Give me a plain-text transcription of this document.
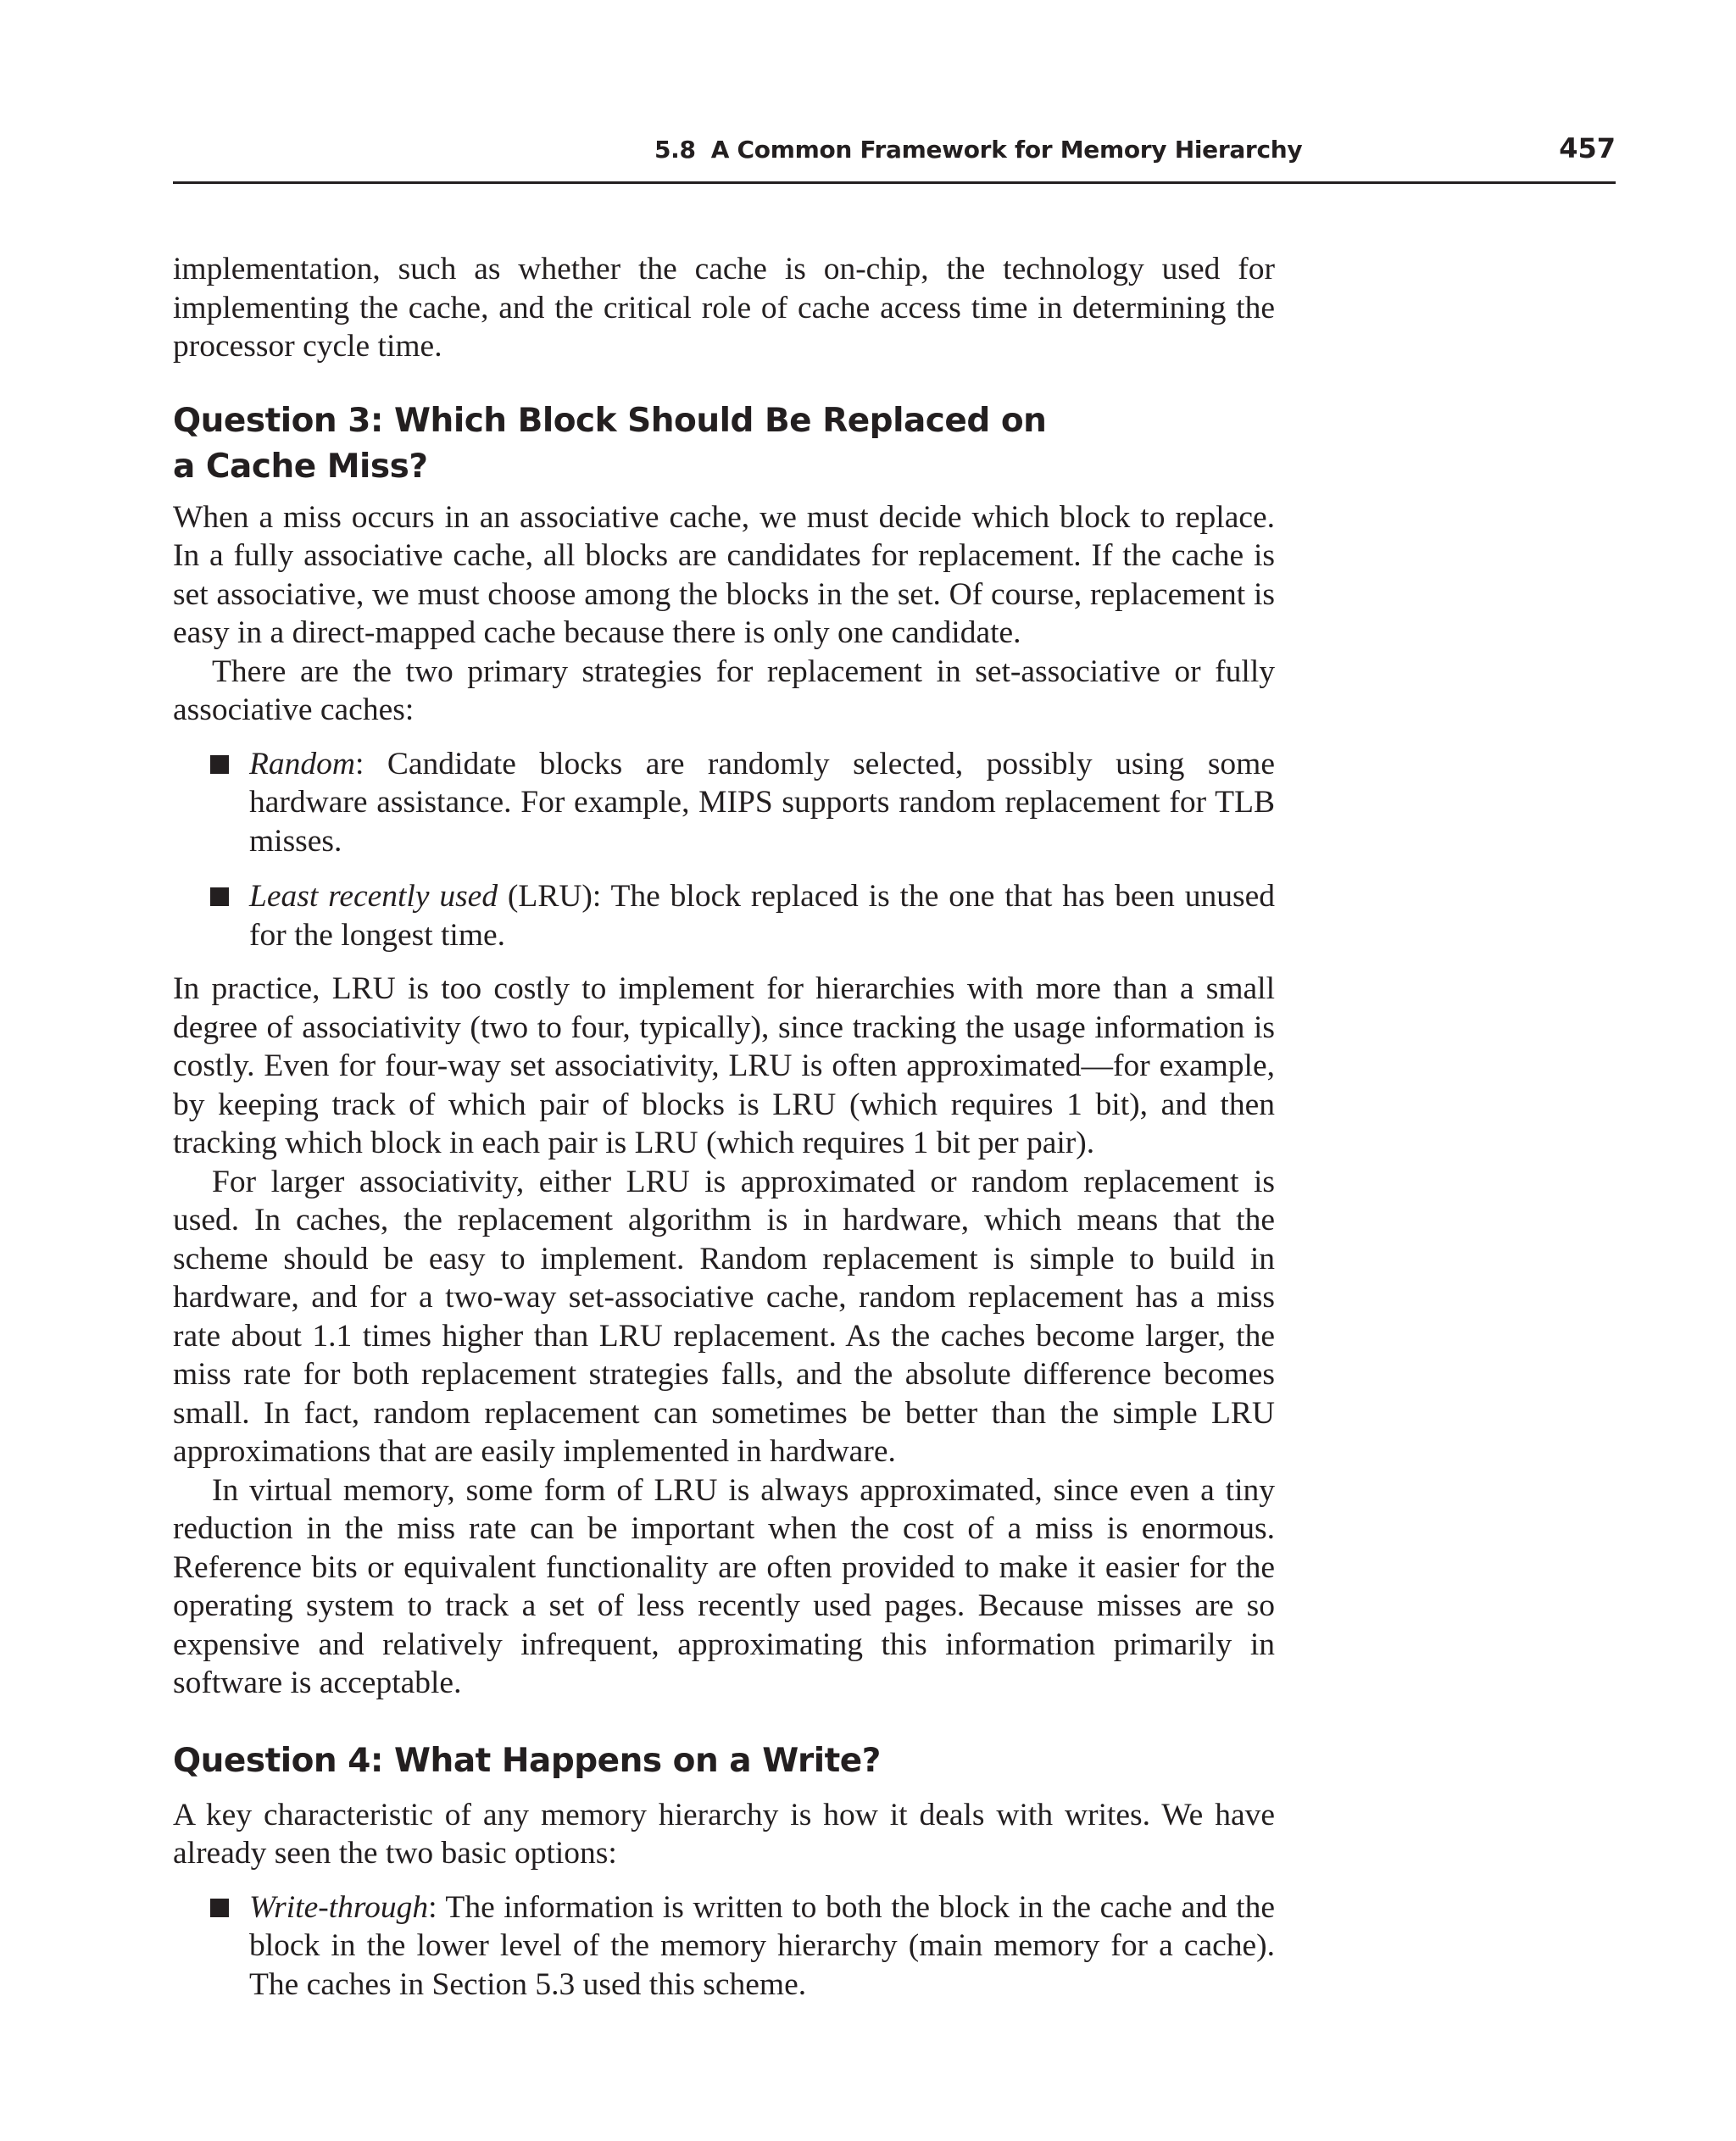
5.8 A Common Framework for Memory Hierarchy	457

implementation, such as whether the cache is on-chip, the technology used for implementing the cache, and the critical role of cache access time in determining the processor cycle time.

Question 3: Which Block Should Be Replaced on
a Cache Miss?

When a miss occurs in an associative cache, we must decide which block to replace. In a fully associative cache, all blocks are candidates for replacement. If the cache is set associative, we must choose among the blocks in the set. Of course, replacement is easy in a direct-mapped cache because there is only one candidate.

There are the two primary strategies for replacement in set-associative or fully associative caches:

Random: Candidate blocks are randomly selected, possibly using some hardware assistance. For example, MIPS supports random replacement for TLB misses.
Least recently used (LRU): The block replaced is the one that has been unused for the longest time.

In practice, LRU is too costly to implement for hierarchies with more than a small degree of associativity (two to four, typically), since tracking the usage information is costly. Even for four-way set associativity, LRU is often approximated—for example, by keeping track of which pair of blocks is LRU (which requires 1 bit), and then tracking which block in each pair is LRU (which requires 1 bit per pair).

For larger associativity, either LRU is approximated or random replacement is used. In caches, the replacement algorithm is in hardware, which means that the scheme should be easy to implement. Random replacement is simple to build in hardware, and for a two-way set-associative cache, random replacement has a miss rate about 1.1 times higher than LRU replacement. As the caches become larger, the miss rate for both replacement strategies falls, and the absolute difference becomes small. In fact, random replacement can sometimes be better than the simple LRU approximations that are easily implemented in hardware.

In virtual memory, some form of LRU is always approximated, since even a tiny reduction in the miss rate can be important when the cost of a miss is enormous. Reference bits or equivalent functionality are often provided to make it easier for the operating system to track a set of less recently used pages. Because misses are so expensive and relatively infrequent, approximating this information primarily in software is acceptable.

Question 4: What Happens on a Write?

A key characteristic of any memory hierarchy is how it deals with writes. We have already seen the two basic options:

Write-through: The information is written to both the block in the cache and the block in the lower level of the memory hierarchy (main memory for a cache). The caches in Section 5.3 used this scheme.
